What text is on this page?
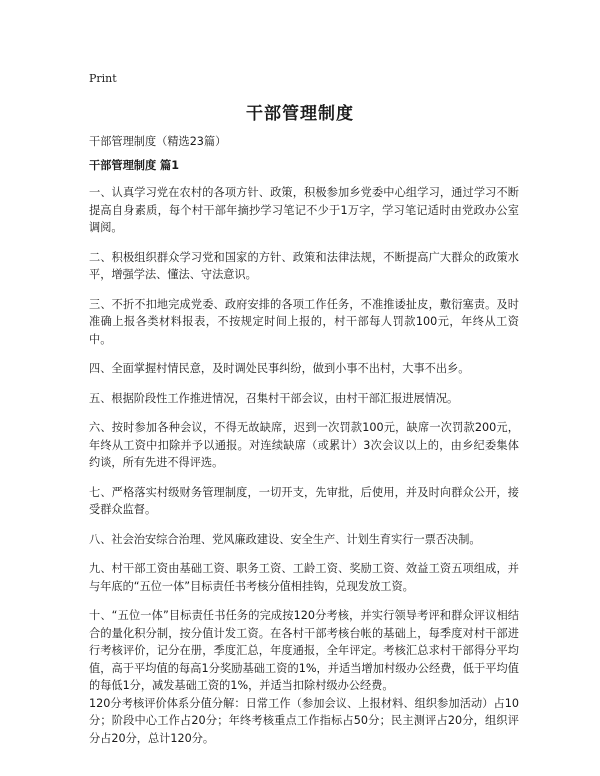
Print
干部管理制度

干部管理制度（精选23篇）

干部管理制度 篇1

一、认真学习党在农村的各项方针、政策，积极参加乡党委中心组学习，通过学习不断提高自身素质，每个村干部年摘抄学习笔记不少于1万字，学习笔记适时由党政办公室调阅。

二、积极组织群众学习党和国家的方针、政策和法律法规，不断提高广大群众的政策水平，增强学法、懂法、守法意识。

三、不折不扣地完成党委、政府安排的各项工作任务，不准推诿扯皮，敷衍塞责。及时准确上报各类材料报表，不按规定时间上报的，村干部每人罚款100元，年终从工资中。

四、全面掌握村情民意，及时调处民事纠纷，做到小事不出村，大事不出乡。

五、根据阶段性工作推进情况，召集村干部会议，由村干部汇报进展情况。

六、按时参加各种会议，不得无故缺席，迟到一次罚款100元，缺席一次罚款200元，年终从工资中扣除并予以通报。对连续缺席（或累计）3次会议以上的，由乡纪委集体约谈，所有先进不得评选。

七、严格落实村级财务管理制度，一切开支，先审批，后使用，并及时向群众公开，接受群众监督。

八、社会治安综合治理、党风廉政建设、安全生产、计划生育实行一票否决制。

九、村干部工资由基础工资、职务工资、工龄工资、奖励工资、效益工资五项组成，并与年底的“五位一体”目标责任书考核分值相挂钩，兑现发放工资。

十、“五位一体”目标责任书任务的完成按120分考核，并实行领导考评和群众评议相结合的量化积分制，按分值计发工资。在各村干部考核台帐的基础上，每季度对村干部进行考核评价，记分在册，季度汇总，年度通报，全年评定。考核汇总求村干部得分平均值，高于平均值的每高1分奖励基础工资的1%，并适当增加村级办公经费，低于平均值的每低1分，减发基础工资的1%，并适当扣除村级办公经费。

120分考核评价体系分值分解：日常工作（参加会议、上报材料、组织参加活动）占10分；阶段中心工作占20分；年终考核重点工作指标占50分；民主测评占20分，组织评分占20分，总计120分。
